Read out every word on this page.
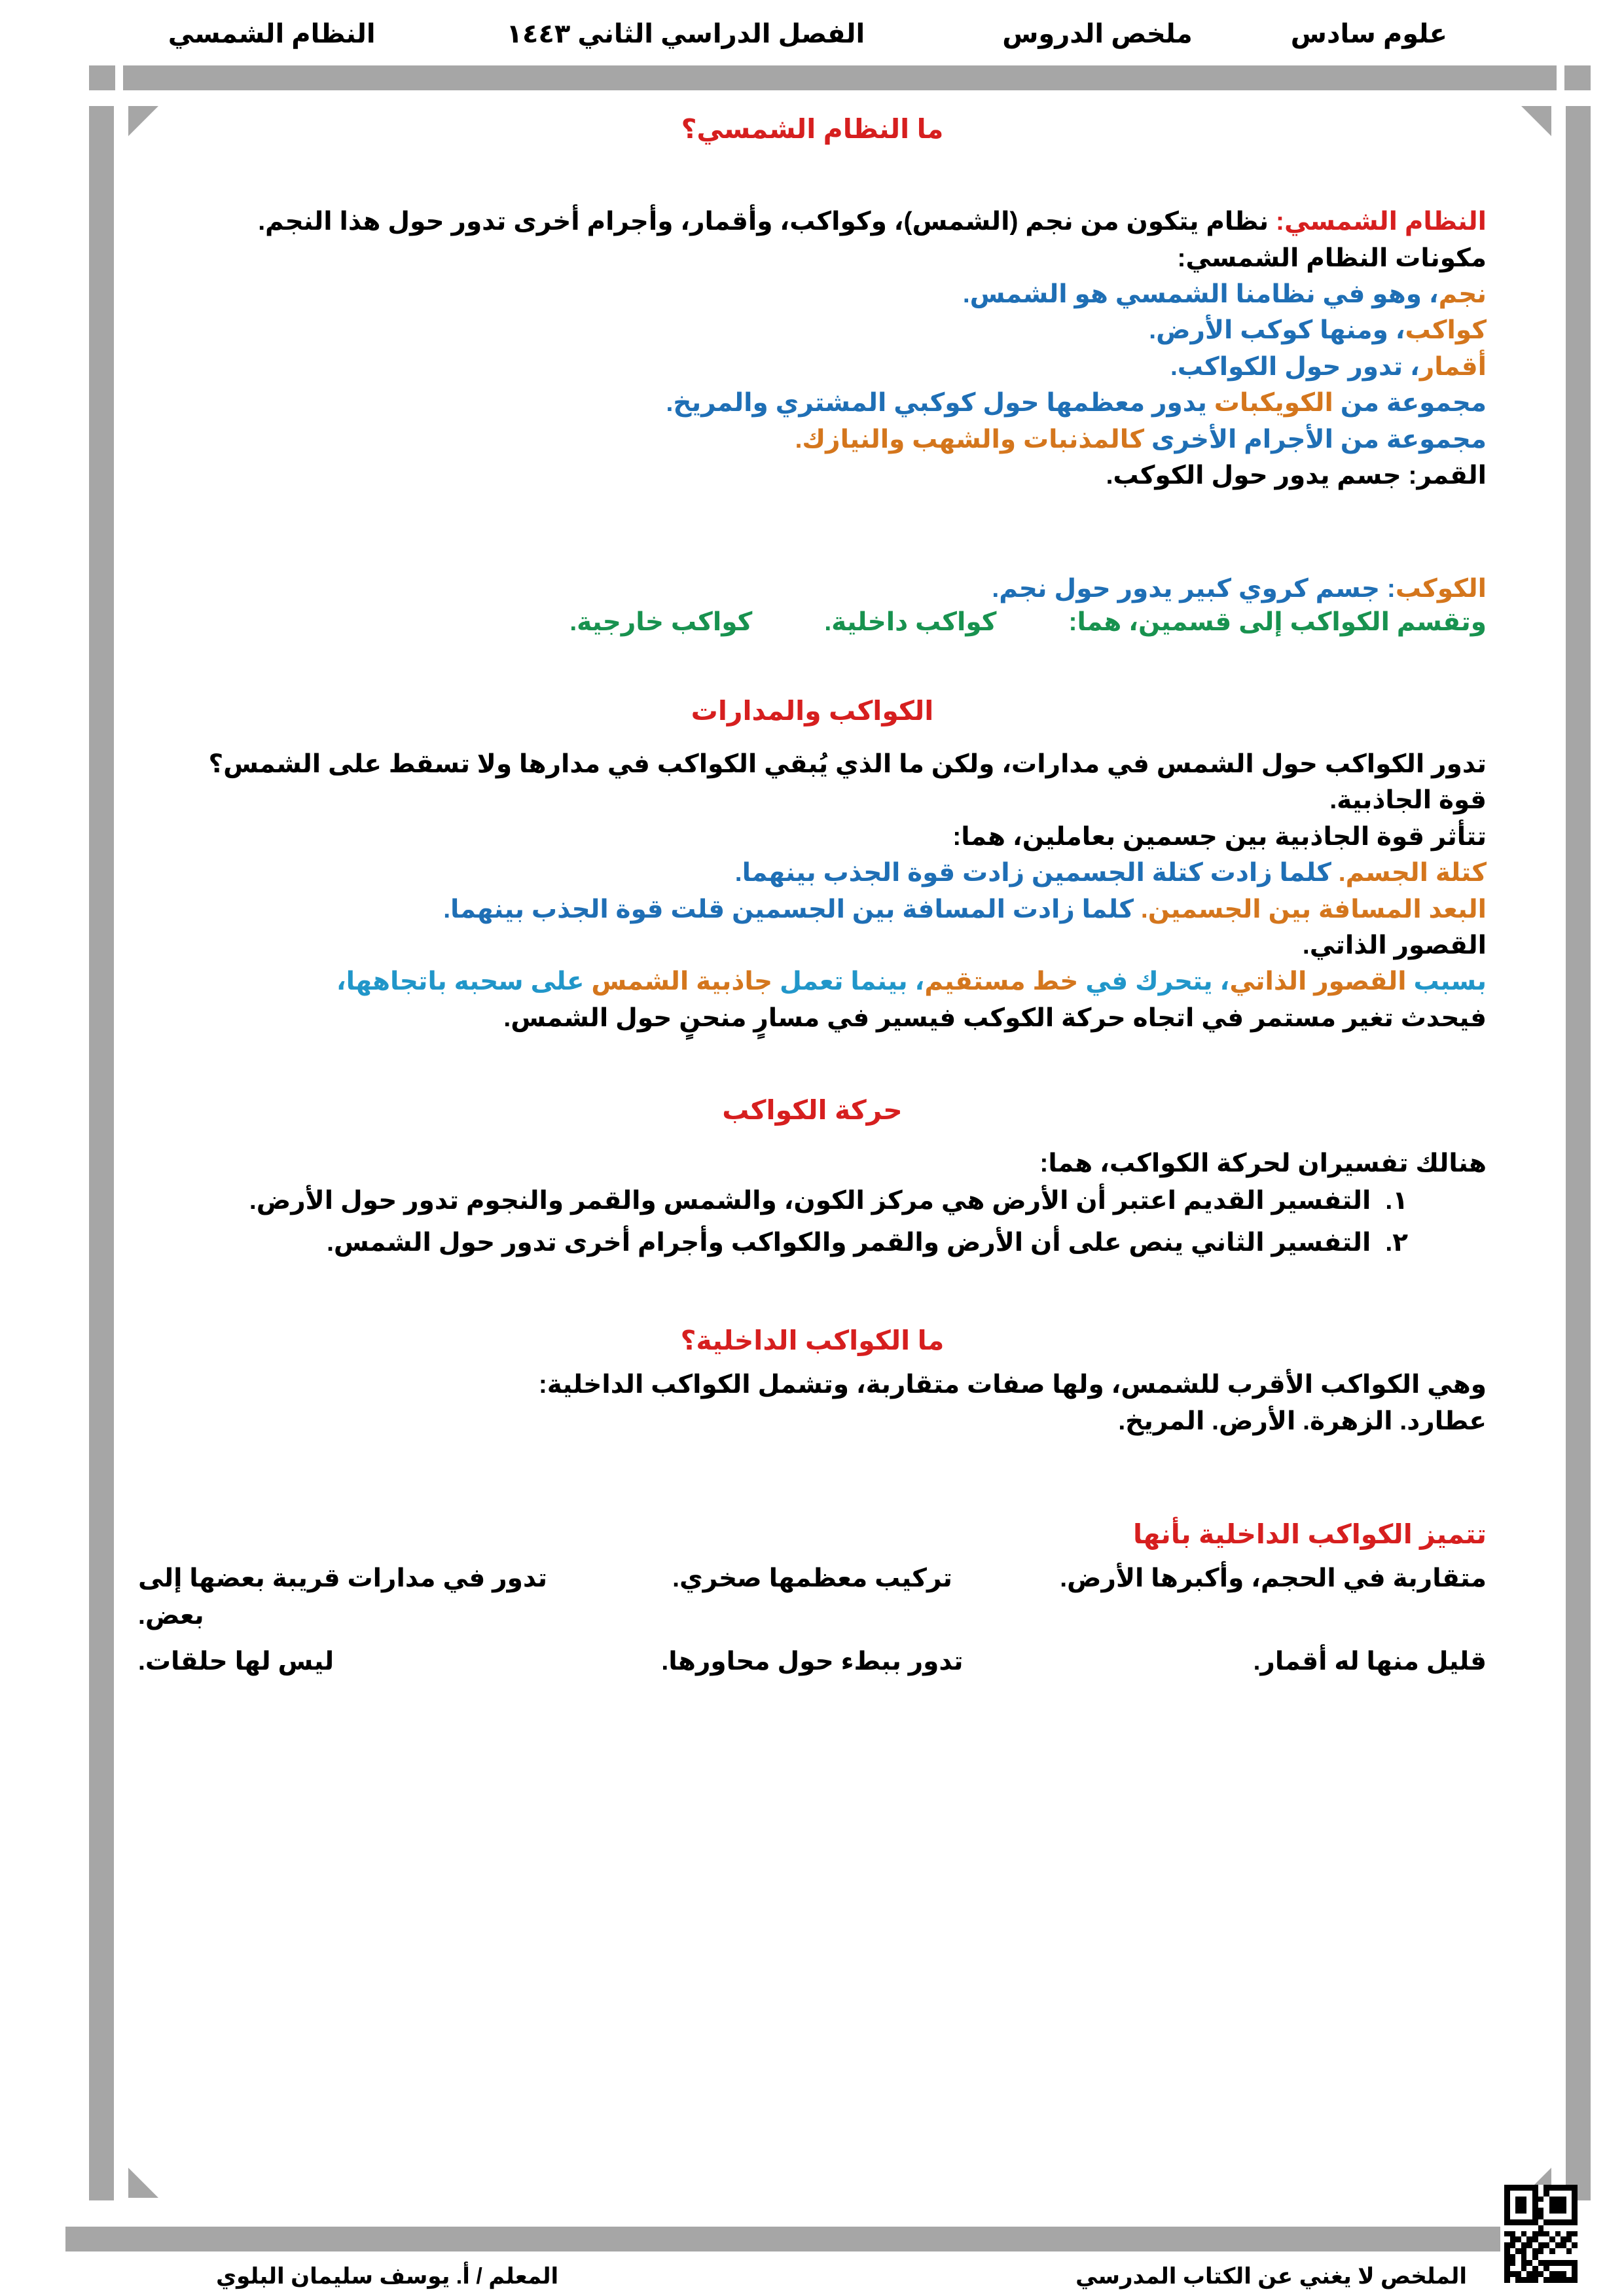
علوم سادس
ملخص الدروس
الفصل الدراسي الثاني ١٤٤٣
النظام الشمسي
ما النظام الشمسي؟

النظام الشمسي: نظام يتكون من نجم (الشمس)، وكواكب، وأقمار، وأجرام أخرى تدور حول هذا النجم.

مكونات النظام الشمسي:

نجم، وهو في نظامنا الشمسي هو الشمس.

كواكب، ومنها كوكب الأرض.

أقمار، تدور حول الكواكب.

مجموعة من الكويكبات يدور معظمها حول كوكبي المشتري والمريخ.

مجموعة من الأجرام الأخرى كالمذنبات والشهب والنيازك.

القمر: جسم يدور حول الكوكب.

الكوكب: جسم كروي كبير يدور حول نجم.

وتقسم الكواكب إلى قسمين، هما:
كواكب داخلية.
كواكب خارجية.
الكواكب والمدارات

تدور الكواكب حول الشمس في مدارات، ولكن ما الذي يُبقي الكواكب في مدارها ولا تسقط على الشمس؟

قوة الجاذبية.

تتأثر قوة الجاذبية بين جسمين بعاملين، هما:

كتلة الجسم. كلما زادت كتلة الجسمين زادت قوة الجذب بينهما.

البعد المسافة بين الجسمين. كلما زادت المسافة بين الجسمين قلت قوة الجذب بينهما.

القصور الذاتي.

بسبب القصور الذاتي، يتحرك في خط مستقيم، بينما تعمل جاذبية الشمس على سحبه باتجاهها،

فيحدث تغير مستمر في اتجاه حركة الكوكب فيسير في مسارٍ منحنٍ حول الشمس.

حركة الكواكب

هنالك تفسيران لحركة الكواكب، هما:

١.
التفسير القديم اعتبر أن الأرض هي مركز الكون، والشمس والقمر والنجوم تدور حول الأرض.
٢.
التفسير الثاني ينص على أن الأرض والقمر والكواكب وأجرام أخرى تدور حول الشمس.
ما الكواكب الداخلية؟

وهي الكواكب الأقرب للشمس، ولها صفات متقاربة، وتشمل الكواكب الداخلية:

عطارد. الزهرة. الأرض. المريخ.

تتميز الكواكب الداخلية بأنها
متقاربة في الحجم، وأكبرها الأرض.
تركيب معظمها صخري.
تدور في مدارات قريبة بعضها إلى بعض.
قليل منها له أقمار.
تدور ببطء حول محاورها.
ليس لها حلقات.
الملخص لا يغني عن الكتاب المدرسي
المعلم / أ. يوسف سليمان البلوي
